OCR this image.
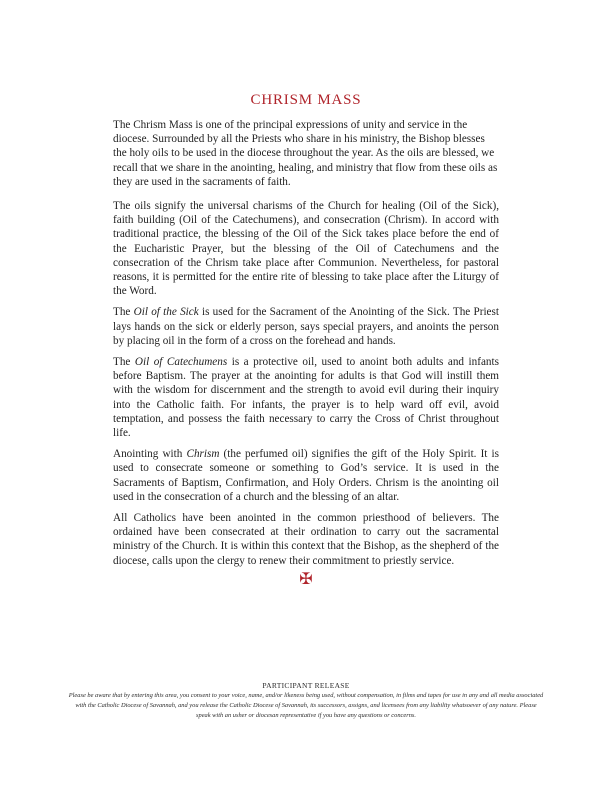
CHRISM MASS

The Chrism Mass is one of the principal expressions of unity and service in the diocese. Surrounded by all the Priests who share in his ministry, the Bishop blesses the holy oils to be used in the diocese throughout the year. As the oils are blessed, we recall that we share in the anointing, healing, and ministry that flow from these oils as they are used in the sacraments of faith.

The oils signify the universal charisms of the Church for healing (Oil of the Sick), faith building (Oil of the Catechumens), and consecration (Chrism). In accord with traditional practice, the blessing of the Oil of the Sick takes place before the end of the Eucharistic Prayer, but the blessing of the Oil of Catechumens and the consecration of the Chrism take place after Communion. Nevertheless, for pastoral reasons, it is permitted for the entire rite of blessing to take place after the Liturgy of the Word.

The Oil of the Sick is used for the Sacrament of the Anointing of the Sick. The Priest lays hands on the sick or elderly person, says special prayers, and anoints the person by placing oil in the form of a cross on the forehead and hands.

The Oil of Catechumens is a protective oil, used to anoint both adults and infants before Baptism. The prayer at the anointing for adults is that God will instill them with the wisdom for discernment and the strength to avoid evil during their inquiry into the Catholic faith. For infants, the prayer is to help ward off evil, avoid temptation, and possess the faith necessary to carry the Cross of Christ throughout life.

Anointing with Chrism (the perfumed oil) signifies the gift of the Holy Spirit. It is used to consecrate someone or something to God’s service. It is used in the Sacraments of Baptism, Confirmation, and Holy Orders. Chrism is the anointing oil used in the consecration of a church and the blessing of an altar.

All Catholics have been anointed in the common priesthood of believers. The ordained have been consecrated at their ordination to carry out the sacramental ministry of the Church. It is within this context that the Bishop, as the shepherd of the diocese, calls upon the clergy to renew their commitment to priestly service.

✠
PARTICIPANT RELEASE
Please be aware that by entering this area, you consent to your voice, name, and/or likeness being used, without compensation, in films and tapes for use in any and all media associated with the Catholic Diocese of Savannah, and you release the Catholic Diocese of Savannah, its successors, assigns, and licensees from any liability whatsoever of any nature. Please speak with an usher or diocesan representative if you have any questions or concerns.
